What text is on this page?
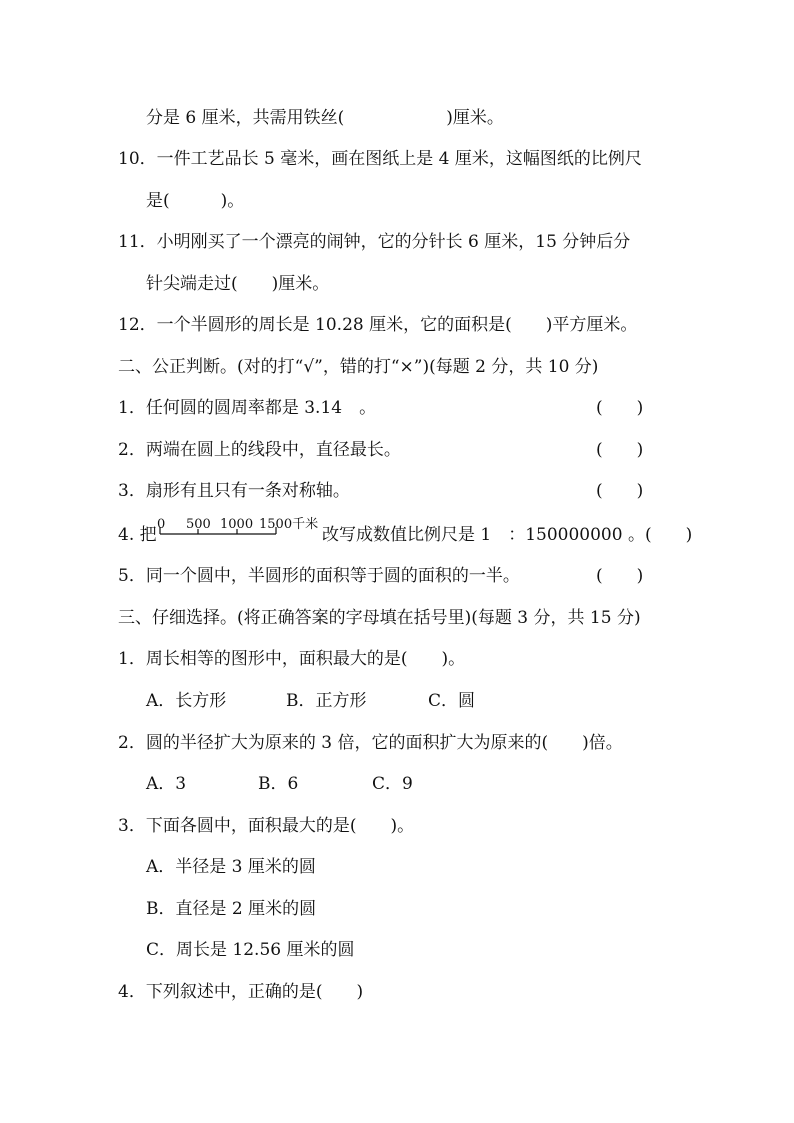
分是 6 厘米，共需用铁丝(　　　　　　)厘米。
10．一件工艺品长 5 毫米，画在图纸上是 4 厘米，这幅图纸的比例尺
是(　　　)。
11．小明刚买了一个漂亮的闹钟，它的分针长 6 厘米，15 分钟后分
针尖端走过(　　)厘米。
12．一个半圆形的周长是 10.28 厘米，它的面积是(　　)平方厘米。
二、公正判断。(对的打“√”，错的打“×”)(每题 2 分，共 10 分)
1．任何圆的圆周率都是 3.14　。	(　　)
2．两端在圆上的线段中，直径最长。	(　　)
3．扇形有且只有一条对称轴。	(　　)
4. 把
0 500 1000 1500千米
改写成数值比例尺是 1　：150000000 。(　　)
5．同一个圆中，半圆形的面积等于圆的面积的一半。	(　　)
三、仔细选择。(将正确答案的字母填在括号里)(每题 3 分，共 15 分)
1．周长相等的图形中，面积最大的是(　　)。
A．长方形	B．正方形	C．圆
2．圆的半径扩大为原来的 3 倍，它的面积扩大为原来的(　　)倍。
A．3	B．6	C．9
3．下面各圆中，面积最大的是(　　)。
A．半径是 3 厘米的圆
B．直径是 2 厘米的圆
C．周长是 12.56 厘米的圆
4．下列叙述中，正确的是(　　)
